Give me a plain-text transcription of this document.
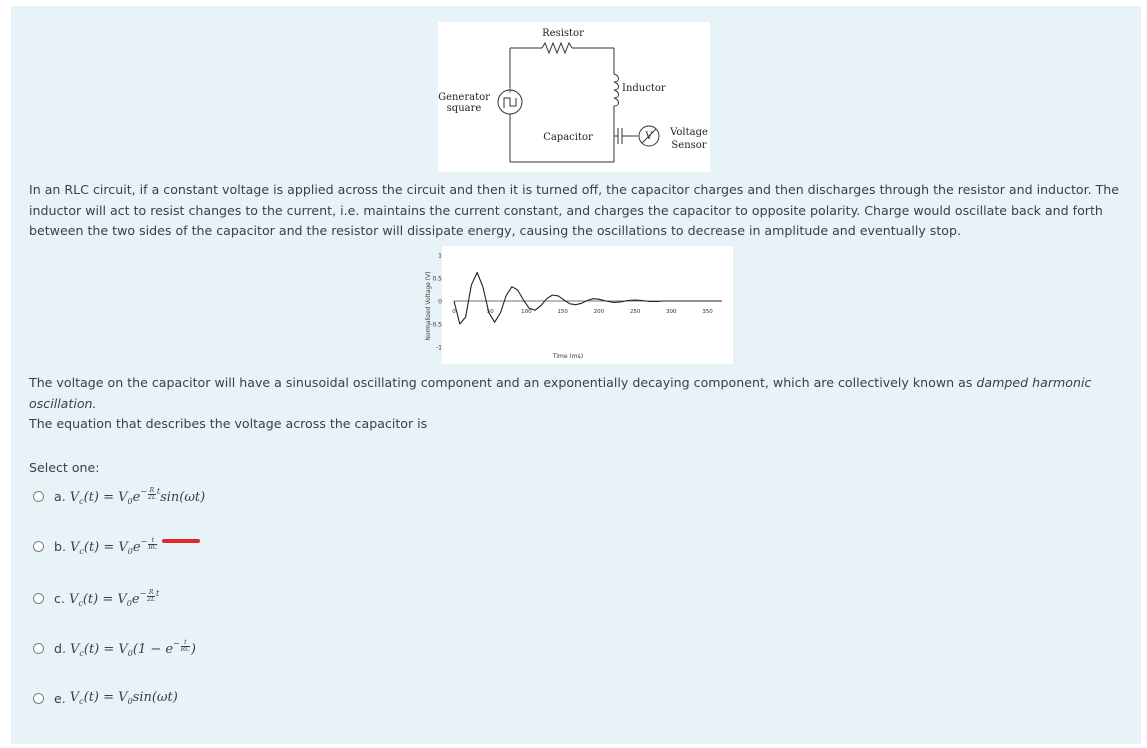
+
-
V
Resistor
Inductor
Generator
square
Capacitor	Voltage
Sensor
In an RLC circuit, if a constant voltage is applied across the circuit and then it is turned off, the capacitor charges and then discharges through the resistor and inductor. The inductor will act to resist changes to the current, i.e. maintains the current constant, and charges the capacitor to opposite polarity. Charge would oscillate back and forth between the two sides of the capacitor and the resistor will dissipate energy, causing the oscillations to decrease in amplitude and eventually stop.
1
0.5
0
-0.5
-1
0	50	100	150	200	250	300	350
Time (ms)
Normalized Voltage (V)
The voltage on the capacitor will have a sinusoidal oscillating component and an exponentially decaying component, which are collectively known as damped harmonic oscillation.
The equation that describes the voltage across the capacitor is
Select one:
a. $V_c(t) = V_0e^- \frac{R}{2L} ^t\sin(\omega t)$
b. $V_c(t) = V_0e^- \frac{t}{RC}$
c. $V_c(t) = V_0e^- \frac{R}{2L} ^t$
d. $V_c(t) = V_0(1 - e^- \frac{t}{RC}$ )
e. $V_c(t) = V_0\sin(\omega t)$
